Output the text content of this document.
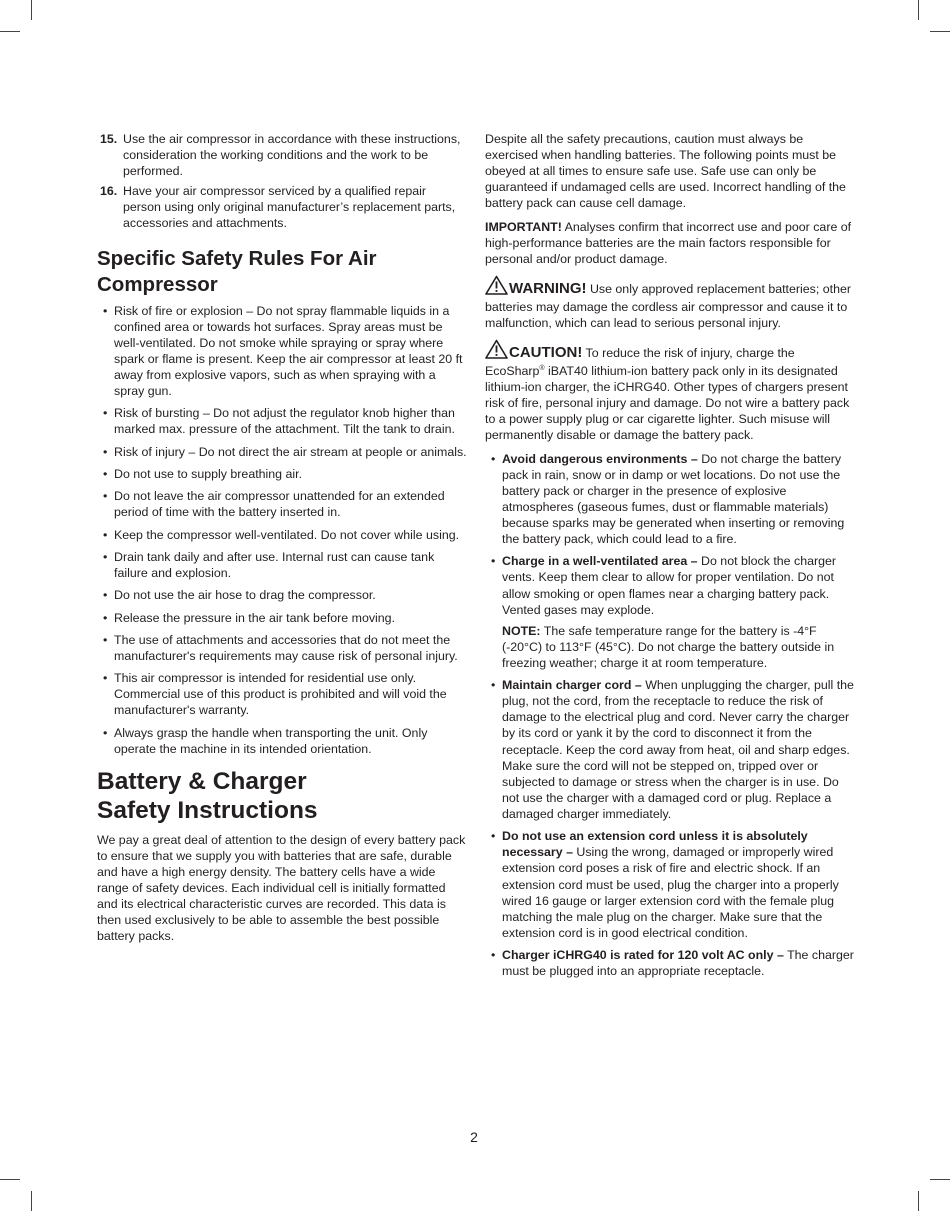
15. Use the air compressor in accordance with these instructions, consideration the working conditions and the work to be performed.
16. Have your air compressor serviced by a qualified repair person using only original manufacturer’s replacement parts, accessories and attachments.
Specific Safety Rules For Air Compressor
• Risk of fire or explosion – Do not spray flammable liquids in a confined area or towards hot surfaces. Spray areas must be well-ventilated. Do not smoke while spraying or spray where spark or flame is present. Keep the air compressor at least 20 ft away from explosive vapors, such as when spraying with a spray gun.
• Risk of bursting – Do not adjust the regulator knob higher than marked max. pressure of the attachment. Tilt the tank to drain.
• Risk of injury – Do not direct the air stream at people or animals.
• Do not use to supply breathing air.
• Do not leave the air compressor unattended for an extended period of time with the battery inserted in.
• Keep the compressor well-ventilated. Do not cover while using.
• Drain tank daily and after use. Internal rust can cause tank failure and explosion.
• Do not use the air hose to drag the compressor.
• Release the pressure in the air tank before moving.
• The use of attachments and accessories that do not meet the manufacturer's requirements may cause risk of personal injury.
• This air compressor is intended for residential use only. Commercial use of this product is prohibited and will void the manufacturer's warranty.
• Always grasp the handle when transporting the unit. Only operate the machine in its intended orientation.
Battery & Charger
Safety Instructions

We pay a great deal of attention to the design of every battery pack to ensure that we supply you with batteries that are safe, durable and have a high energy density. The battery cells have a wide range of safety devices. Each individual cell is initially formatted and its electrical characteristic curves are recorded. This data is then used exclusively to be able to assemble the best possible battery packs.

Despite all the safety precautions, caution must always be exercised when handling batteries. The following points must be obeyed at all times to ensure safe use. Safe use can only be guaranteed if undamaged cells are used. Incorrect handling of the battery pack can cause cell damage.

IMPORTANT! Analyses confirm that incorrect use and poor care of high-performance batteries are the main factors responsible for personal and/or product damage.

WARNING! Use only approved replacement batteries; other batteries may damage the cordless air compressor and cause it to malfunction, which can lead to serious personal injury.

CAUTION! To reduce the risk of injury, charge the EcoSharp® iBAT40 lithium-ion battery pack only in its designated lithium-ion charger, the iCHRG40. Other types of chargers present risk of fire, personal injury and damage. Do not wire a battery pack to a power supply plug or car cigarette lighter. Such misuse will permanently disable or damage the battery pack.

• Avoid dangerous environments – Do not charge the battery pack in rain, snow or in damp or wet locations. Do not use the battery pack or charger in the presence of explosive atmospheres (gaseous fumes, dust or flammable materials) because sparks may be generated when inserting or removing the battery pack, which could lead to a fire.
• Charge in a well-ventilated area – Do not block the charger vents. Keep them clear to allow for proper ventilation. Do not allow smoking or open flames near a charging battery pack. Vented gases may explode.

NOTE: The safe temperature range for the battery is -4°F (-20°C) to 113°F (45°C). Do not charge the battery outside in freezing weather; charge it at room temperature.

• Maintain charger cord – When unplugging the charger, pull the plug, not the cord, from the receptacle to reduce the risk of damage to the electrical plug and cord. Never carry the charger by its cord or yank it by the cord to disconnect it from the receptacle. Keep the cord away from heat, oil and sharp edges. Make sure the cord will not be stepped on, tripped over or subjected to damage or stress when the charger is in use. Do not use the charger with a damaged cord or plug. Replace a damaged charger immediately.
• Do not use an extension cord unless it is absolutely necessary – Using the wrong, damaged or improperly wired extension cord poses a risk of fire and electric shock. If an extension cord must be used, plug the charger into a properly wired 16 gauge or larger extension cord with the female plug matching the male plug on the charger. Make sure that the extension cord is in good electrical condition.
• Charger iCHRG40 is rated for 120 volt AC only – The charger must be plugged into an appropriate receptacle.
2
